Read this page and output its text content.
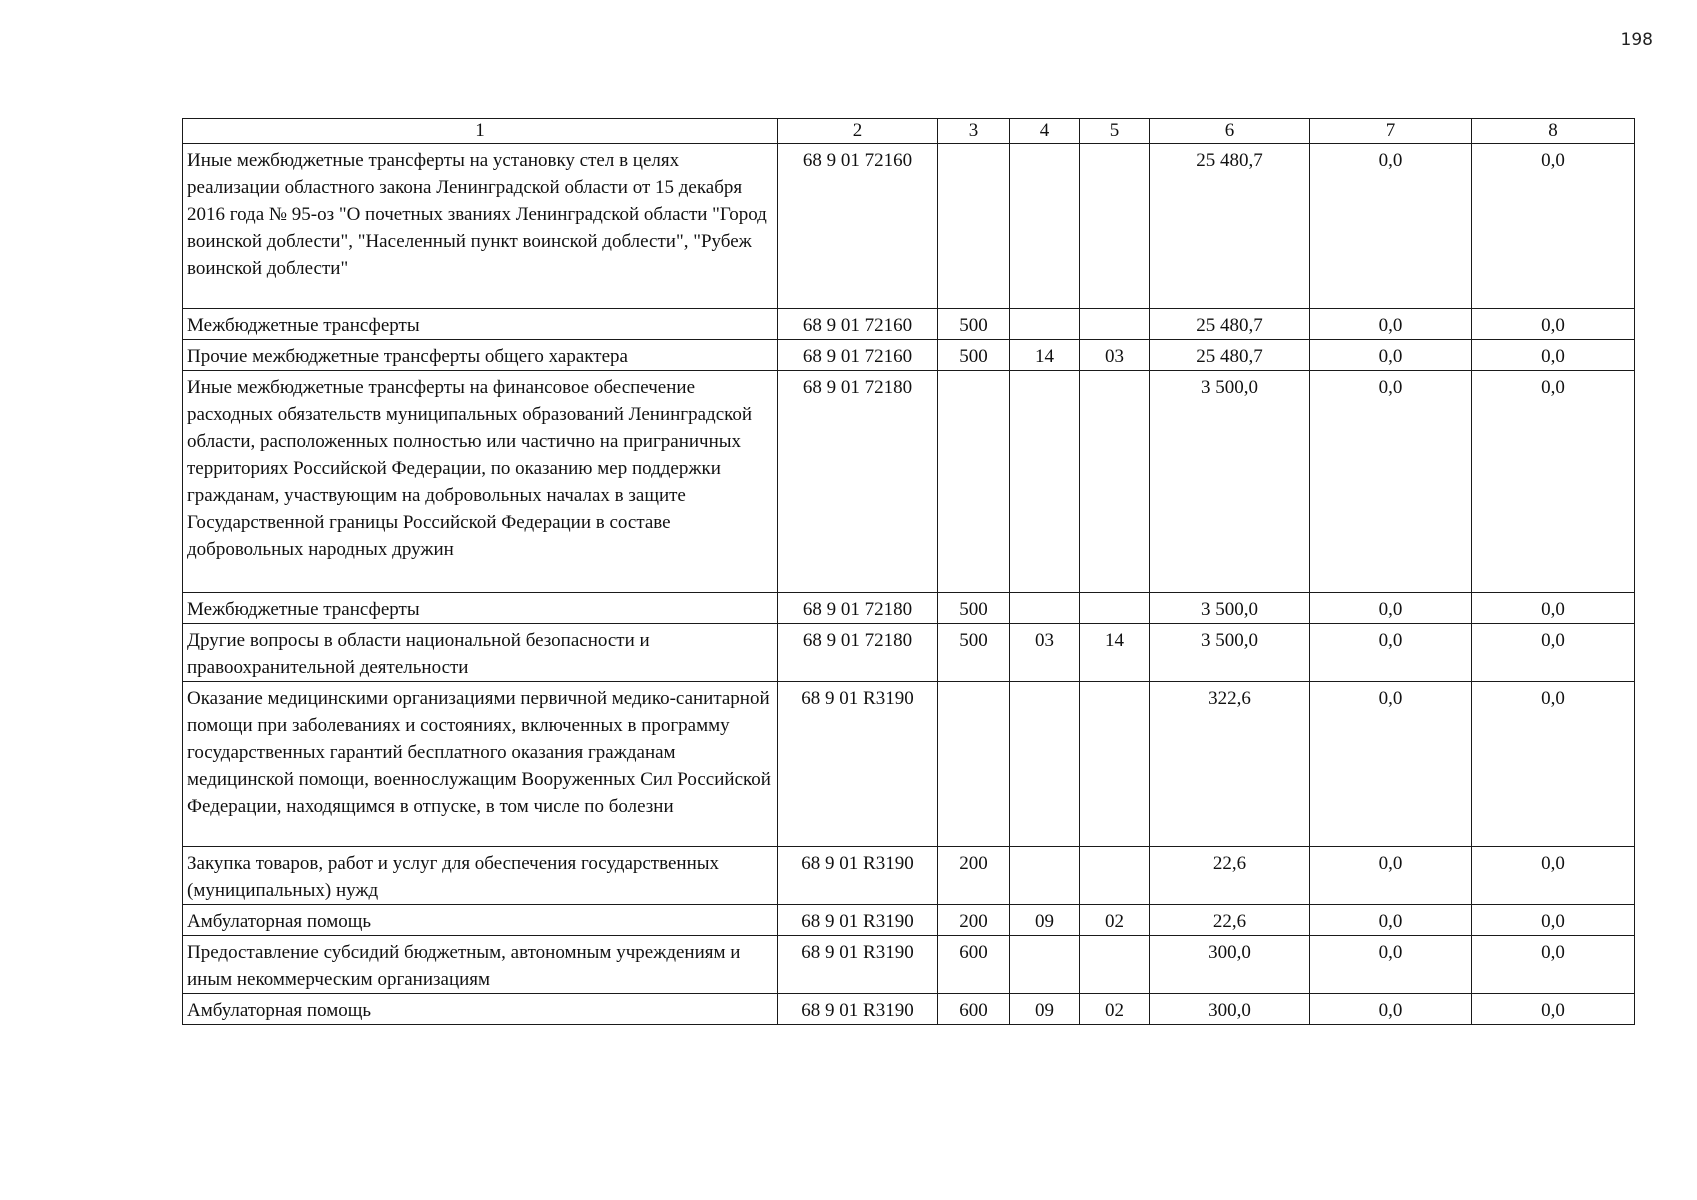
198
1	2	3	4	5	6	7	8
Иные межбюджетные трансферты на установку стел в целях реализации областного закона Ленинградской области от 15 декабря 2016 года № 95-оз "О почетных званиях Ленинградской области "Город воинской доблести", "Населенный пункт воинской доблести", "Рубеж воинской доблести"	68 9 01 72160				25 480,7	0,0	0,0
Межбюджетные трансферты	68 9 01 72160	500			25 480,7	0,0	0,0
Прочие межбюджетные трансферты общего характера	68 9 01 72160	500	14	03	25 480,7	0,0	0,0
Иные межбюджетные трансферты на финансовое обеспечение расходных обязательств муниципальных образований Ленинградской области, расположенных полностью или частично на приграничных территориях Российской Федерации, по оказанию мер поддержки гражданам, участвующим на добровольных началах в защите Государственной границы Российской Федерации в составе добровольных народных дружин	68 9 01 72180				3 500,0	0,0	0,0
Межбюджетные трансферты	68 9 01 72180	500			3 500,0	0,0	0,0
Другие вопросы в области национальной безопасности и правоохранительной деятельности	68 9 01 72180	500	03	14	3 500,0	0,0	0,0
Оказание медицинскими организациями первичной медико-санитарной помощи при заболеваниях и состояниях, включенных в программу государственных гарантий бесплатного оказания гражданам медицинской помощи, военнослужащим Вооруженных Сил Российской Федерации, находящимся в отпуске, в том числе по болезни	68 9 01 R3190				322,6	0,0	0,0
Закупка товаров, работ и услуг для обеспечения государственных (муниципальных) нужд	68 9 01 R3190	200			22,6	0,0	0,0
Амбулаторная помощь	68 9 01 R3190	200	09	02	22,6	0,0	0,0
Предоставление субсидий бюджетным, автономным учреждениям и иным некоммерческим организациям	68 9 01 R3190	600			300,0	0,0	0,0
Амбулаторная помощь	68 9 01 R3190	600	09	02	300,0	0,0	0,0
